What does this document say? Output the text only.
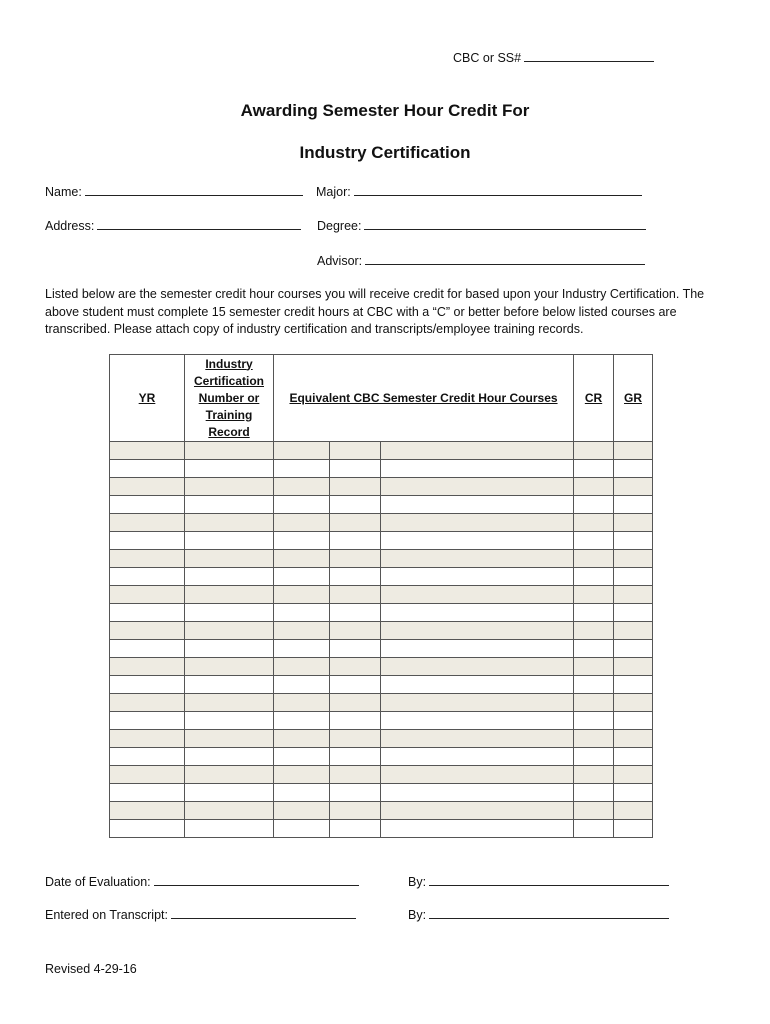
CBC or SS#
Awarding Semester Hour Credit For
Industry Certification
Name:	Major:
Address:	Degree:
Advisor:
Listed below are the semester credit hour courses you will receive credit for based upon your Industry Certification. The above student must complete 15 semester credit hours at CBC with a “C” or better before below listed courses are transcribed. Please attach copy of industry certification and transcripts/employee training records.
YR	Industry Certification Number or Training Record	Equivalent CBC Semester Credit Hour Courses			CR	GR

Date of Evaluation:	By:
Entered on Transcript:	By:
Revised 4-29-16
